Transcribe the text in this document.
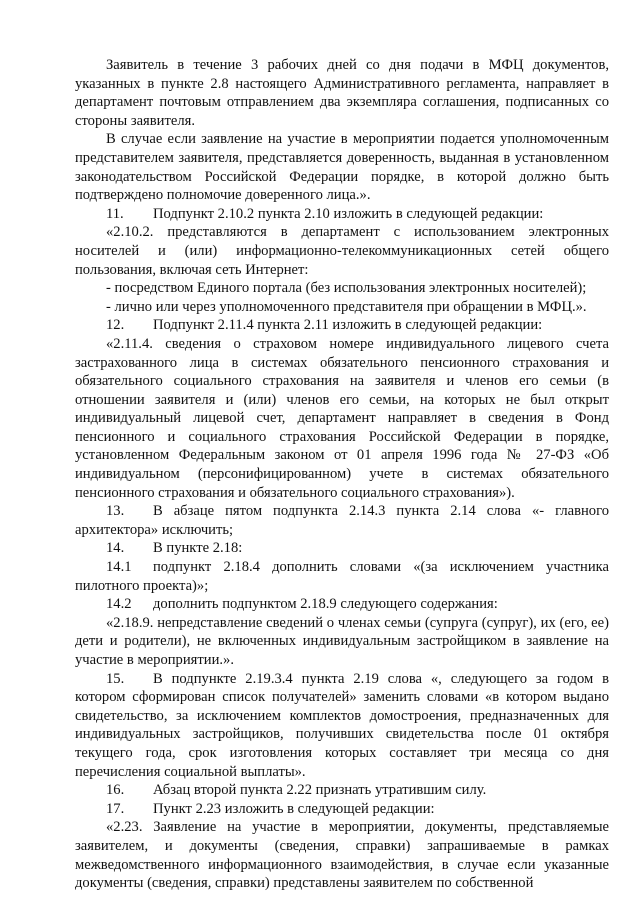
Заявитель в течение 3 рабочих дней со дня подачи в МФЦ документов, указанных в пункте 2.8 настоящего Административного регламента, направляет в департамент почтовым отправлением два экземпляра соглашения, подписанных со стороны заявителя.

В случае если заявление на участие в мероприятии подается уполномоченным представителем заявителя, представляется доверенность, выданная в установленном законодательством Российской Федерации порядке, в которой должно быть подтверждено полномочие доверенного лица.».

11. Подпункт 2.10.2 пункта 2.10 изложить в следующей редакции:

«2.10.2. представляются в департамент с использованием электронных носителей и (или) информационно-телекоммуникационных сетей общего пользования, включая сеть Интернет:

- посредством Единого портала (без использования электронных носителей);

- лично или через уполномоченного представителя при обращении в МФЦ.».

12. Подпункт 2.11.4 пункта 2.11 изложить в следующей редакции:

«2.11.4. сведения о страховом номере индивидуального лицевого счета застрахованного лица в системах обязательного пенсионного страхования и обязательного социального страхования на заявителя и членов его семьи (в отношении заявителя и (или) членов его семьи, на которых не был открыт индивидуальный лицевой счет, департамент направляет в сведения в Фонд пенсионного и социального страхования Российской Федерации в порядке, установленном Федеральным законом от 01 апреля 1996 года № 27-ФЗ «Об индивидуальном (персонифицированном) учете в системах обязательного пенсионного страхования и обязательного социального страхования»).

13. В абзаце пятом подпункта 2.14.3 пункта 2.14 слова «- главного архитектора» исключить;

14. В пункте 2.18:

14.1 подпункт 2.18.4 дополнить словами «(за исключением участника пилотного проекта)»;

14.2 дополнить подпунктом 2.18.9 следующего содержания:

«2.18.9. непредставление сведений о членах семьи (супруга (супруг), их (его, ее) дети и родители), не включенных индивидуальным застройщиком в заявление на участие в мероприятии.».

15. В подпункте 2.19.3.4 пункта 2.19 слова «, следующего за годом в котором сформирован список получателей» заменить словами «в котором выдано свидетельство, за исключением комплектов домостроения, предназначенных для индивидуальных застройщиков, получивших свидетельства после 01 октября текущего года, срок изготовления которых составляет три месяца со дня перечисления социальной выплаты».

16. Абзац второй пункта 2.22 признать утратившим силу.

17. Пункт 2.23 изложить в следующей редакции:

«2.23. Заявление на участие в мероприятии, документы, представляемые заявителем, и документы (сведения, справки) запрашиваемые в рамках межведомственного информационного взаимодействия, в случае если указанные документы (сведения, справки) представлены заявителем по собственной
